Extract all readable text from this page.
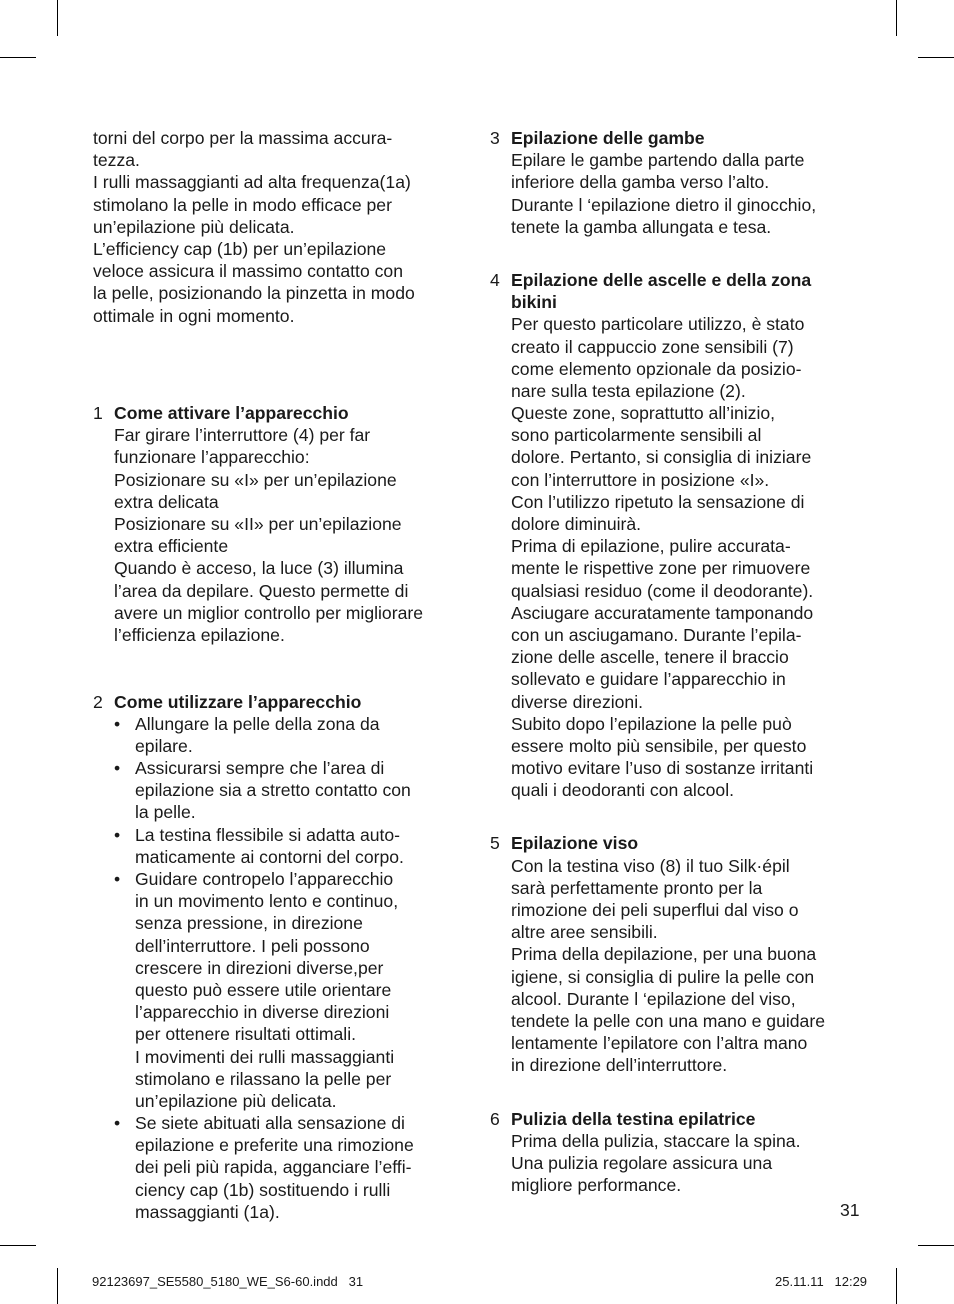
torni del corpo per la massima accura-
tezza.
I rulli massaggianti ad alta frequenza(1a)
stimolano la pelle in modo efficace per
un’epilazione più delicata.
L’efficiency cap (1b) per un’epilazione
veloce assicura il massimo contatto con
la pelle, posizionando la pinzetta in modo
ottimale in ogni momento.
1 Come attivare l’apparecchio
Far girare l’interruttore (4) per far
funzionare l’apparecchio:
Posizionare su «I» per un’epilazione
extra delicata
Posizionare su «II» per un’epilazione
extra efficiente
Quando è acceso, la luce (3) illumina
l’area da depilare. Questo permette di
avere un miglior controllo per migliorare
l’efficienza epilazione.
2 Come utilizzare l’apparecchio
• Allungare la pelle della zona da
epilare.
• Assicurarsi sempre che l’area di
epilazione sia a stretto contatto con
la pelle.
• La testina flessibile si adatta auto-
maticamente ai contorni del corpo.
• Guidare contropelo l’apparecchio
in un movimento lento e continuo,
senza pressione, in direzione
dell’interruttore. I peli possono
crescere in direzioni diverse,per
questo può essere utile orientare
l’apparecchio in diverse direzioni
per ottenere risultati ottimali.
I movimenti dei rulli massaggianti
stimolano e rilassano la pelle per
un’epilazione più delicata.
• Se siete abituati alla sensazione di
epilazione e preferite una rimozione
dei peli più rapida, agganciare l’effi-
ciency cap (1b) sostituendo i rulli
massaggianti (1a).
3 Epilazione delle gambe
Epilare le gambe partendo dalla parte
inferiore della gamba verso l’alto.
Durante l ‘epilazione dietro il ginocchio,
tenete la gamba allungata e tesa.
4 Epilazione delle ascelle e della zona
bikini
Per questo particolare utilizzo, è stato
creato il cappuccio zone sensibili (7)
come elemento opzionale da posizio-
nare sulla testa epilazione (2).
Queste zone, soprattutto all’inizio,
sono particolarmente sensibili al
dolore. Pertanto, si consiglia di iniziare
con l’interruttore in posizione «I».
Con l’utilizzo ripetuto la sensazione di
dolore diminuirà.
Prima di epilazione, pulire accurata-
mente le rispettive zone per rimuovere
qualsiasi residuo (come il deodorante).
Asciugare accuratamente tamponando
con un asciugamano. Durante l’epila-
zione delle ascelle, tenere il braccio
sollevato e guidare l’apparecchio in
diverse direzioni.
Subito dopo l’epilazione la pelle può
essere molto più sensibile, per questo
motivo evitare l’uso di sostanze irritanti
quali i deodoranti con alcool.
5 Epilazione viso
Con la testina viso (8) il tuo Silk·épil
sarà perfettamente pronto per la
rimozione dei peli superflui dal viso o
altre aree sensibili.
Prima della depilazione, per una buona
igiene, si consiglia di pulire la pelle con
alcool. Durante l ‘epilazione del viso,
tendete la pelle con una mano e guidare
lentamente l’epilatore con l’altra mano
in direzione dell’interruttore.
6 Pulizia della testina epilatrice
Prima della pulizia, staccare la spina.
Una pulizia regolare assicura una
migliore performance.
31
92123697_SE5580_5180_WE_S6-60.indd   31	25.11.11   12:29
